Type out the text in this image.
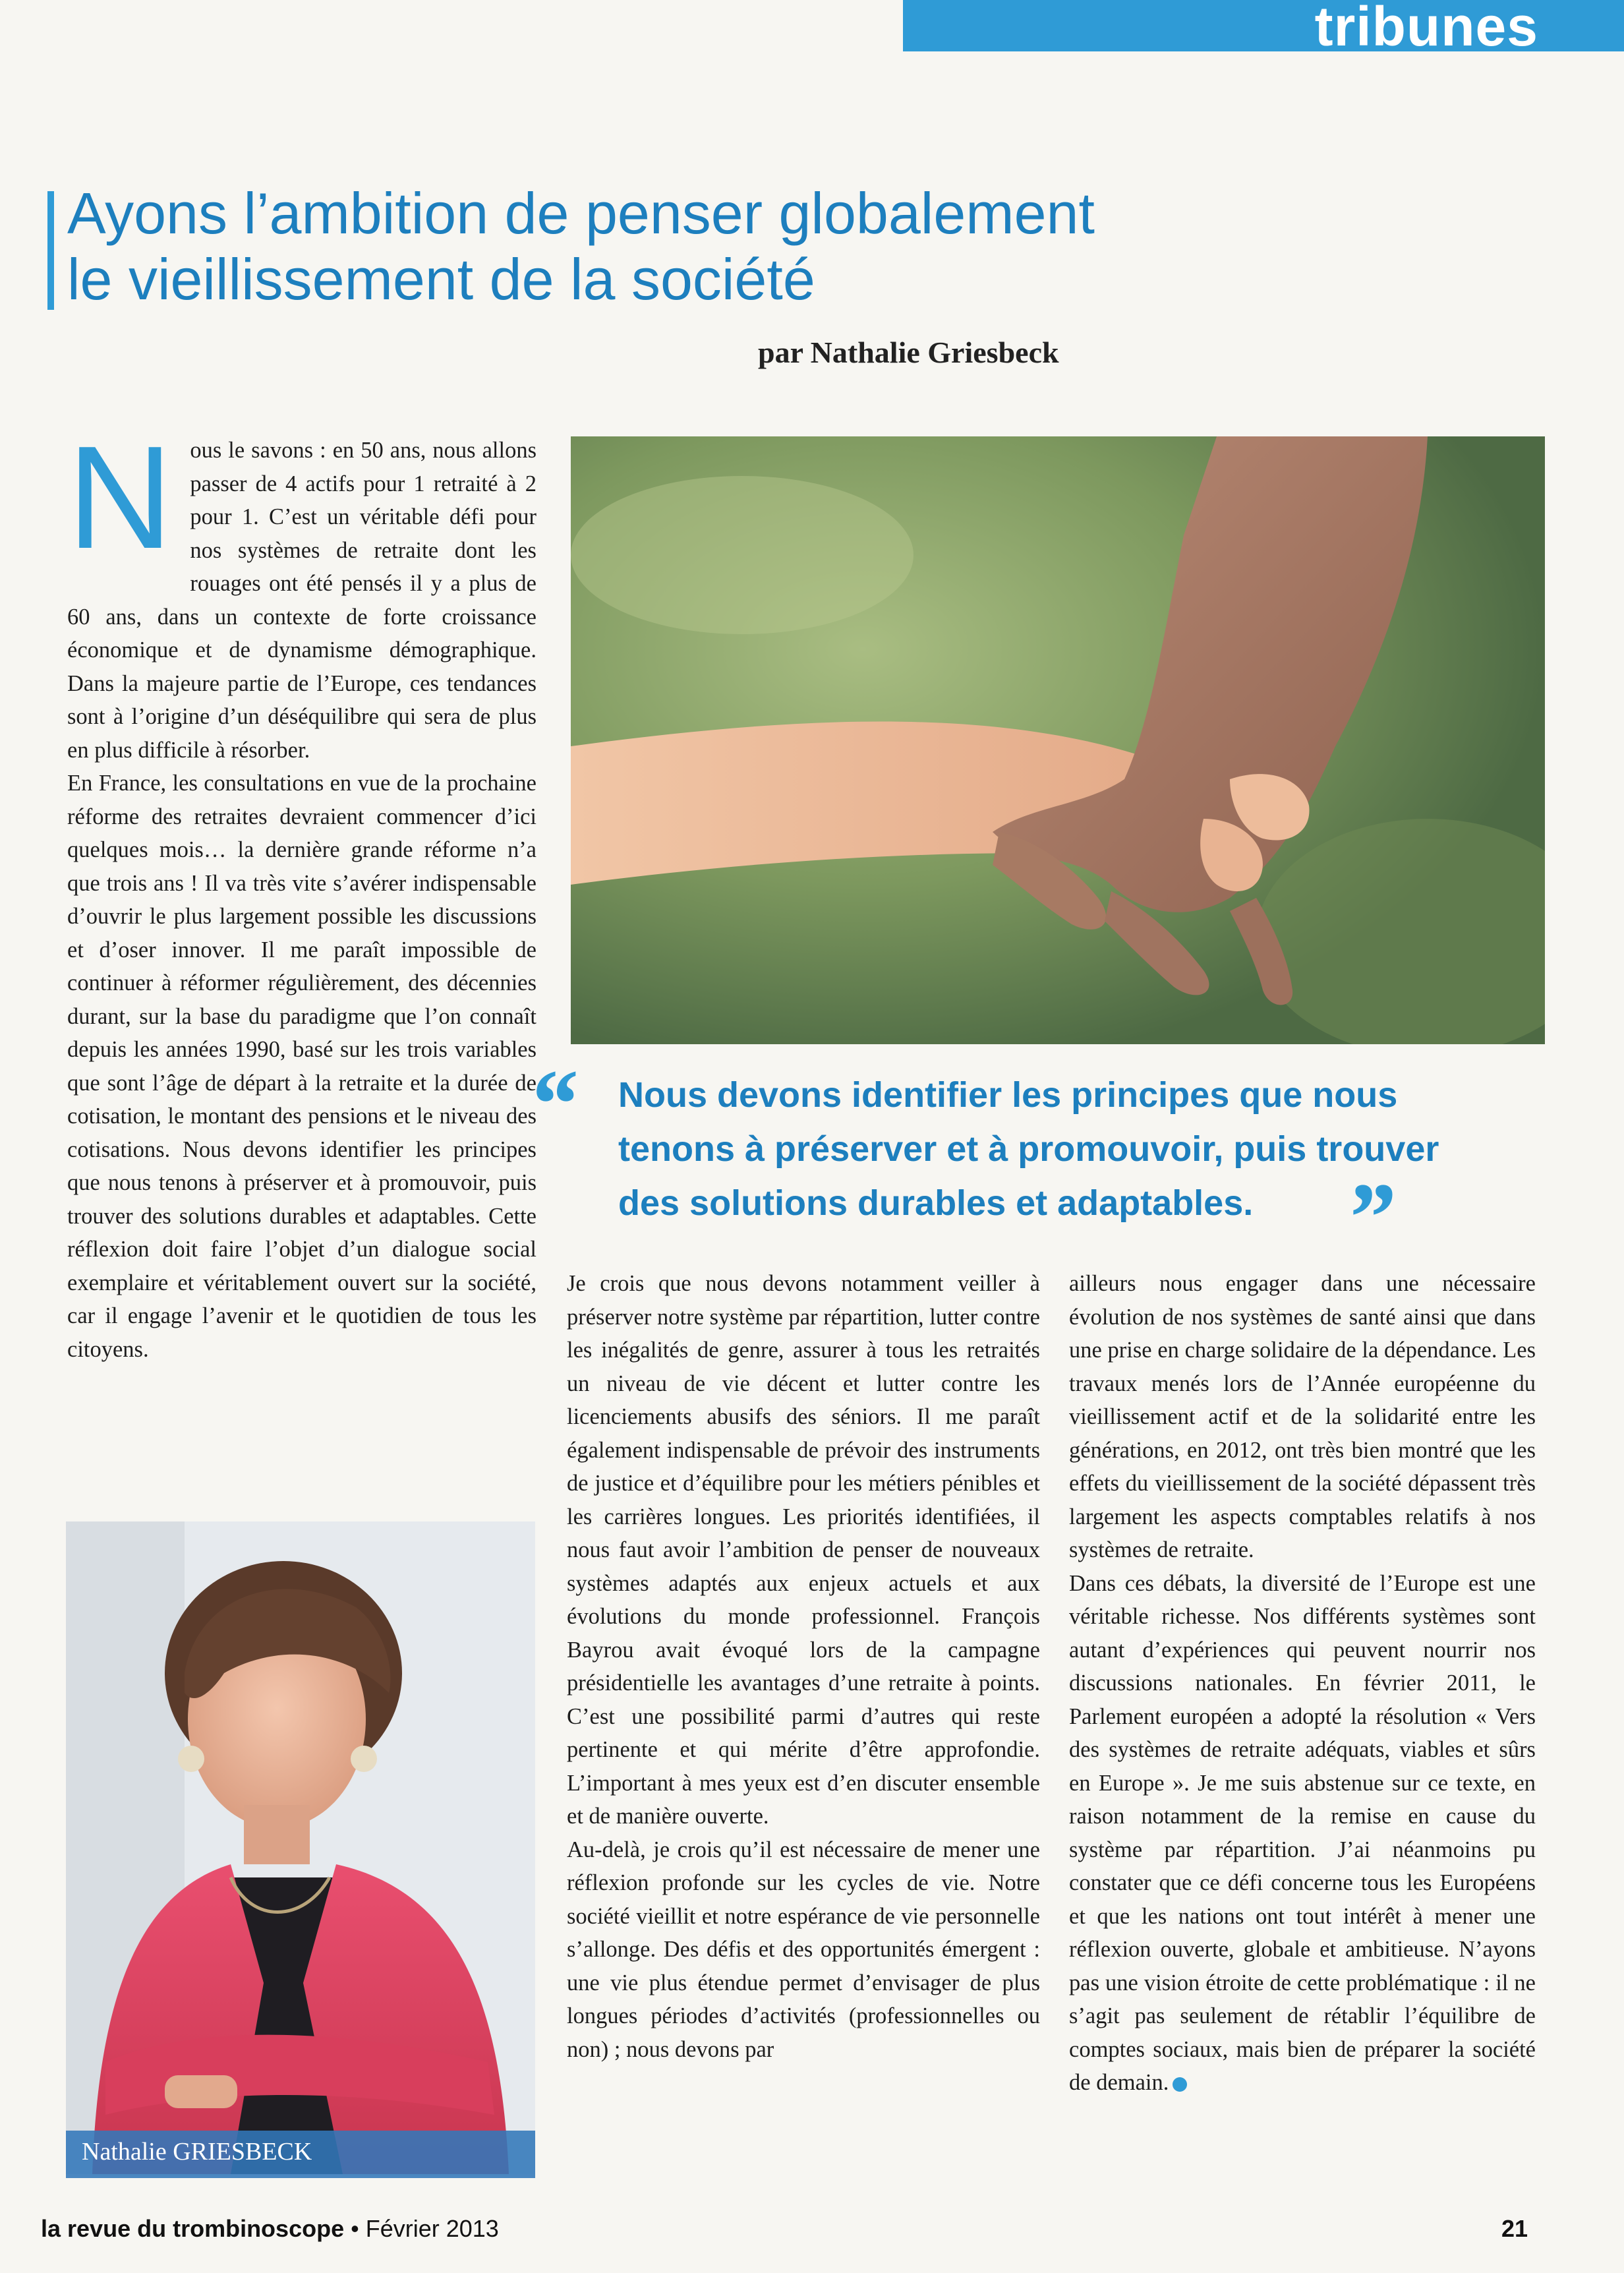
tribunes
Ayons l’ambition de penser globalement
le vieillissement de la société
par Nathalie Griesbeck

Nous le savons : en 50 ans, nous allons passer de 4 actifs pour 1 retraité à 2 pour 1. C’est un véritable défi pour nos systèmes de retraite dont les rouages ont été pensés il y a plus de 60 ans, dans un contexte de forte croissance économique et de dynamisme démographique. Dans la majeure partie de l’Europe, ces tendances sont à l’origine d’un déséquilibre qui sera de plus en plus difficile à résorber.

En France, les consultations en vue de la prochaine réforme des retraites devraient commencer d’ici quelques mois… la dernière grande réforme n’a que trois ans ! Il va très vite s’avérer indispensable d’ouvrir le plus largement possible les discussions et d’oser innover. Il me paraît impossible de continuer à réformer régulièrement, des décennies durant, sur la base du paradigme que l’on connaît depuis les années 1990, basé sur les trois variables que sont l’âge de départ à la retraite et la durée de cotisation, le montant des pensions et le niveau des cotisations. Nous devons identifier les principes que nous tenons à préserver et à promouvoir, puis trouver des solutions durables et adaptables. Cette réflexion doit faire l’objet d’un dialogue social exemplaire et véritablement ouvert sur la société, car il engage l’avenir et le quotidien de tous les citoyens.

“	Nous devons identifier les principes que nous
tenons à préserver et à promouvoir, puis trouver
des solutions durables et adaptables. ”

Je crois que nous devons notamment veiller à préserver notre système par répartition, lutter contre les inégalités de genre, assurer à tous les retraités un niveau de vie décent et lutter contre les licenciements abusifs des séniors. Il me paraît également indispensable de prévoir des instruments de justice et d’équilibre pour les métiers pénibles et les carrières longues. Les priorités identifiées, il nous faut avoir l’ambition de penser de nouveaux systèmes adaptés aux enjeux actuels et aux évolutions du monde professionnel. François Bayrou avait évoqué lors de la campagne présidentielle les avantages d’une retraite à points. C’est une possibilité parmi d’autres qui reste pertinente et qui mérite d’être approfondie. L’important à mes yeux est d’en discuter ensemble et de manière ouverte.

Au-delà, je crois qu’il est nécessaire de mener une réflexion profonde sur les cycles de vie. Notre société vieillit et notre espérance de vie personnelle s’allonge. Des défis et des opportunités émergent : une vie plus étendue permet d’envisager de plus longues périodes d’activités (professionnelles ou non) ; nous devons par

ailleurs nous engager dans une nécessaire évolution de nos systèmes de santé ainsi que dans une prise en charge solidaire de la dépendance. Les travaux menés lors de l’Année européenne du vieillissement actif et de la solidarité entre les générations, en 2012, ont très bien montré que les effets du vieillissement de la société dépassent très largement les aspects comptables relatifs à nos systèmes de retraite.

Dans ces débats, la diversité de l’Europe est une véritable richesse. Nos différents systèmes sont autant d’expériences qui peuvent nourrir nos discussions nationales. En février 2011, le Parlement européen a adopté la résolution « Vers des systèmes de retraite adéquats, viables et sûrs en Europe ». Je me suis abstenue sur ce texte, en raison notamment de la remise en cause du système par répartition. J’ai néanmoins pu constater que ce défi concerne tous les Européens et que les nations ont tout intérêt à mener une réflexion ouverte, globale et ambitieuse. N’ayons pas une vision étroite de cette problématique : il ne s’agit pas seulement de rétablir l’équilibre de comptes sociaux, mais bien de préparer la société de demain.

Nathalie GRIESBECK
la revue du trombinoscope • Février 2013	21
